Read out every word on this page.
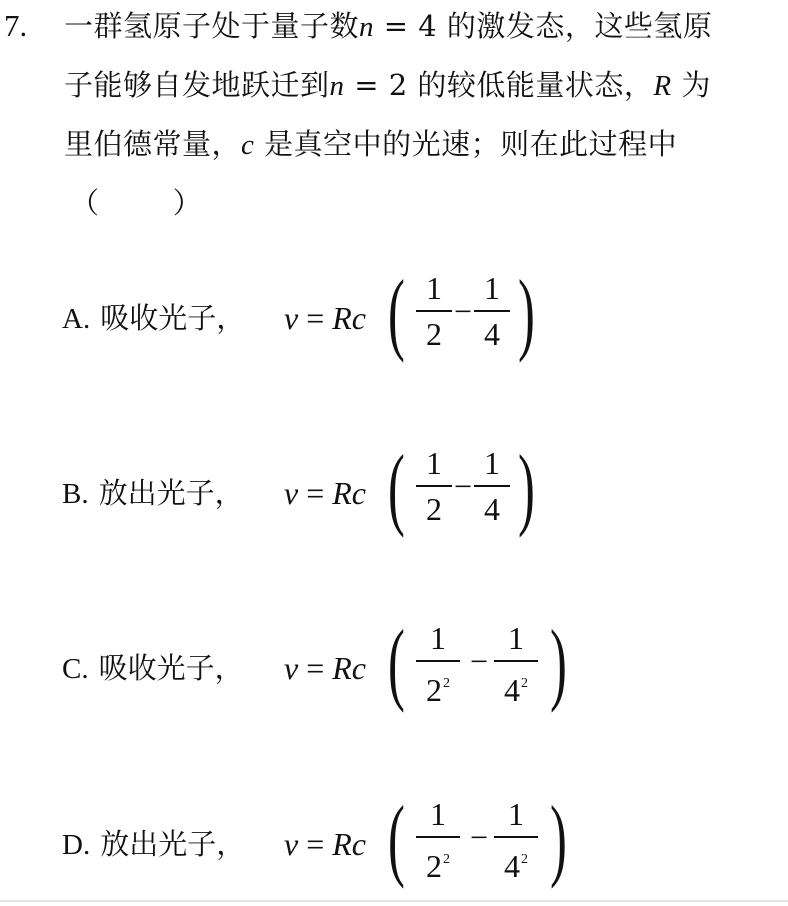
7. 一群氢原子处于量子数n = 4 的激发态，这些氢原
子能够自发地跃迁到n = 2 的较低能量状态，R 为
里伯德常量，c 是真空中的光速；则在此过程中
（        ）
A. 吸收光子， ν = Rc ( 1
2
−
1
4 )
B. 放出光子， ν = Rc ( 1
2
−
1
4 )
C. 吸收光子， ν = Rc ( 1
$2^2$
−
1
$4^2$ )
D. 放出光子， ν = Rc ( 1
$2^2$
−
1
$4^2$ )
